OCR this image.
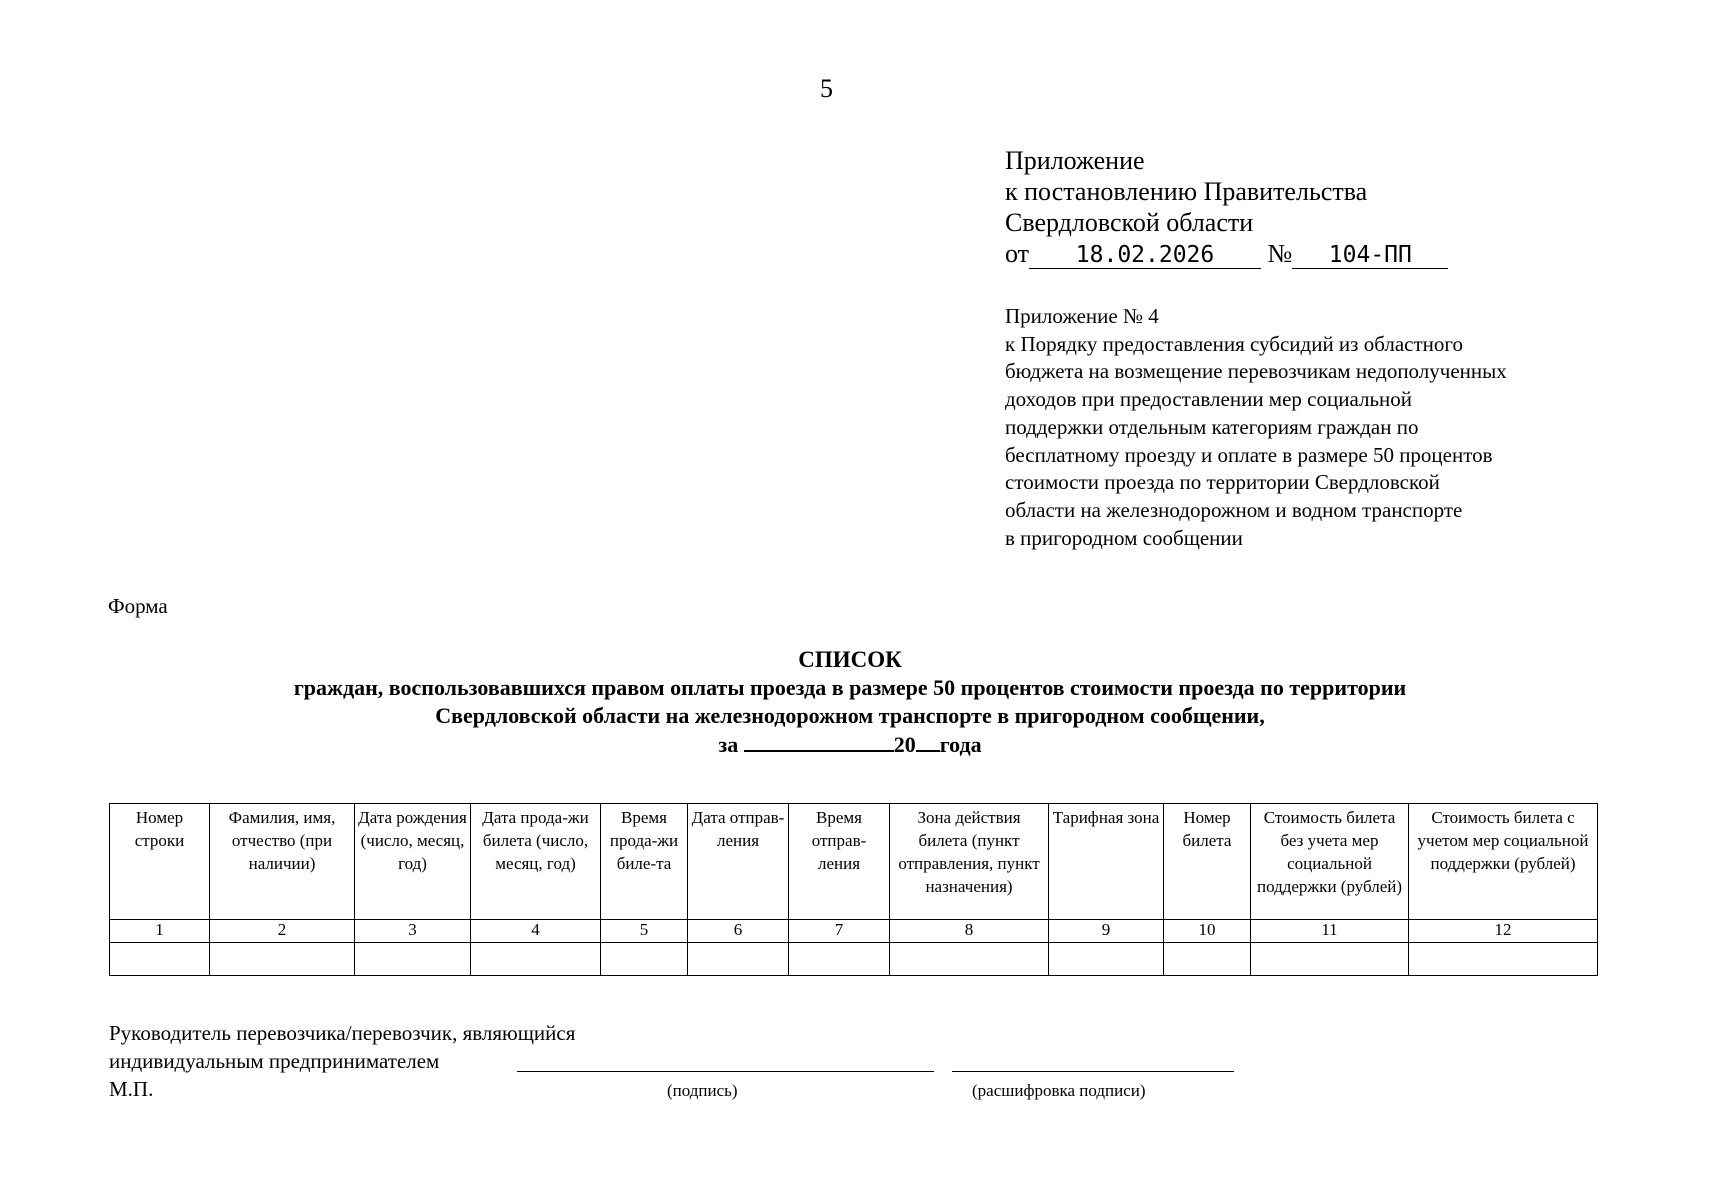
5
Приложение
к постановлению Правительства
Свердловской области
от 18.02.2026 № 104-ПП
Приложение № 4
к Порядку предоставления субсидий из областного
бюджета на возмещение перевозчикам недополученных
доходов при предоставлении мер социальной
поддержки отдельным категориям граждан по
бесплатному проезду и оплате в размере 50 процентов
стоимости проезда по территории Свердловской
области на железнодорожном и водном транспорте
в пригородном сообщении
Форма
СПИСОК
граждан, воспользовавшихся правом оплаты проезда в размере 50 процентов стоимости проезда по территории
Свердловской области на железнодорожном транспорте в пригородном сообщении,
за	20 года
Номер строки	Фамилия, имя, отчество (при наличии)	Дата рождения (число, месяц, год)	Дата прода-жи билета (число, месяц, год)	Время прода-жи биле-та	Дата отправ-ления	Время отправ-ления	Зона действия билета (пункт отправления, пункт назначения)	Тарифная зона	Номер билета	Стоимость билета без учета мер социальной поддержки (рублей)	Стоимость билета с учетом мер социальной поддержки (рублей)
1	2	3	4	5	6	7	8	9	10	11	12

Руководитель перевозчика/перевозчик, являющийся
индивидуальным предпринимателем
М.П.	(подпись)	(расшифровка подписи)
